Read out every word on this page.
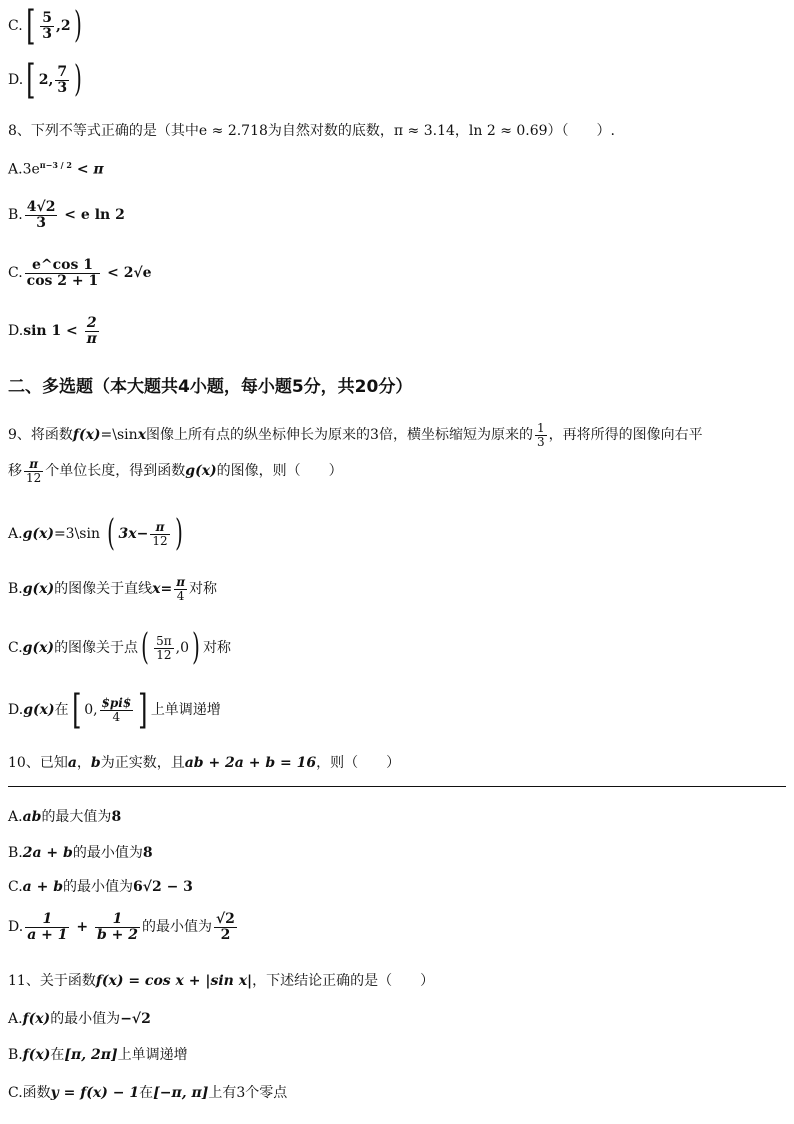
$C.[ \frac{5}{3} ,2)$
D.[ 2, $\frac{7}{3}$ )
8、下列不等式正确的是（其中e ≈ 2.718为自然对数的底数，π ≈ 3.14，ln 2 ≈ 0.69）（　　）.
$A.3e^{\pi-3 / 2} < \pi$
B. $\frac{4√2}{3} < e$ ln 2
C. $\frac{e\^{}\cos 1}{\cos 2 + 1} < 2√e$
D.sin $1 < \frac{2}{\pi}$
二、多选题（本大题共4小题，每小题5分，共20分）
9、将函数f(x)=\sinx图像上所有点的纵坐标伸长为原来的3倍，横坐标缩短为原来的 $\frac{1}{3}$ ，再将所得的图像向右平
移 $\frac{\pi}{12}$ 个单位长度，得到函数g(x)的图像，则（　　）
A.g(x)=3\sin ( $3x- \frac{\pi}{12}$ )
B.g(x)的图像关于直线$x= \frac{\pi}{4}$ 对称
C.g(x)的图像关于点( $\frac{5\pi}{12} ,0$) 对称
D.g(x)在[ 0, $\frac{\$pi\$}{4}$ ] 上单调递增
10、已知a，b为正实数，且ab + 2a + b = 16，则（　　）
A.ab的最大值为8
B.2a + b的最小值为8
C.a + b的最小值为6√2 − 3
D. $\frac{1}{a + 1} + \frac{1}{b + 2}$ 的最小值为 $\frac{√2}{2}$
11、关于函数f(x) = cos x + |sin x|，下述结论正确的是（　　）
A.f(x)的最小值为−√2
B.f(x)在[π, 2π]上单调递增
C.函数y = f(x) − 1在[−π, π]上有3个零点
